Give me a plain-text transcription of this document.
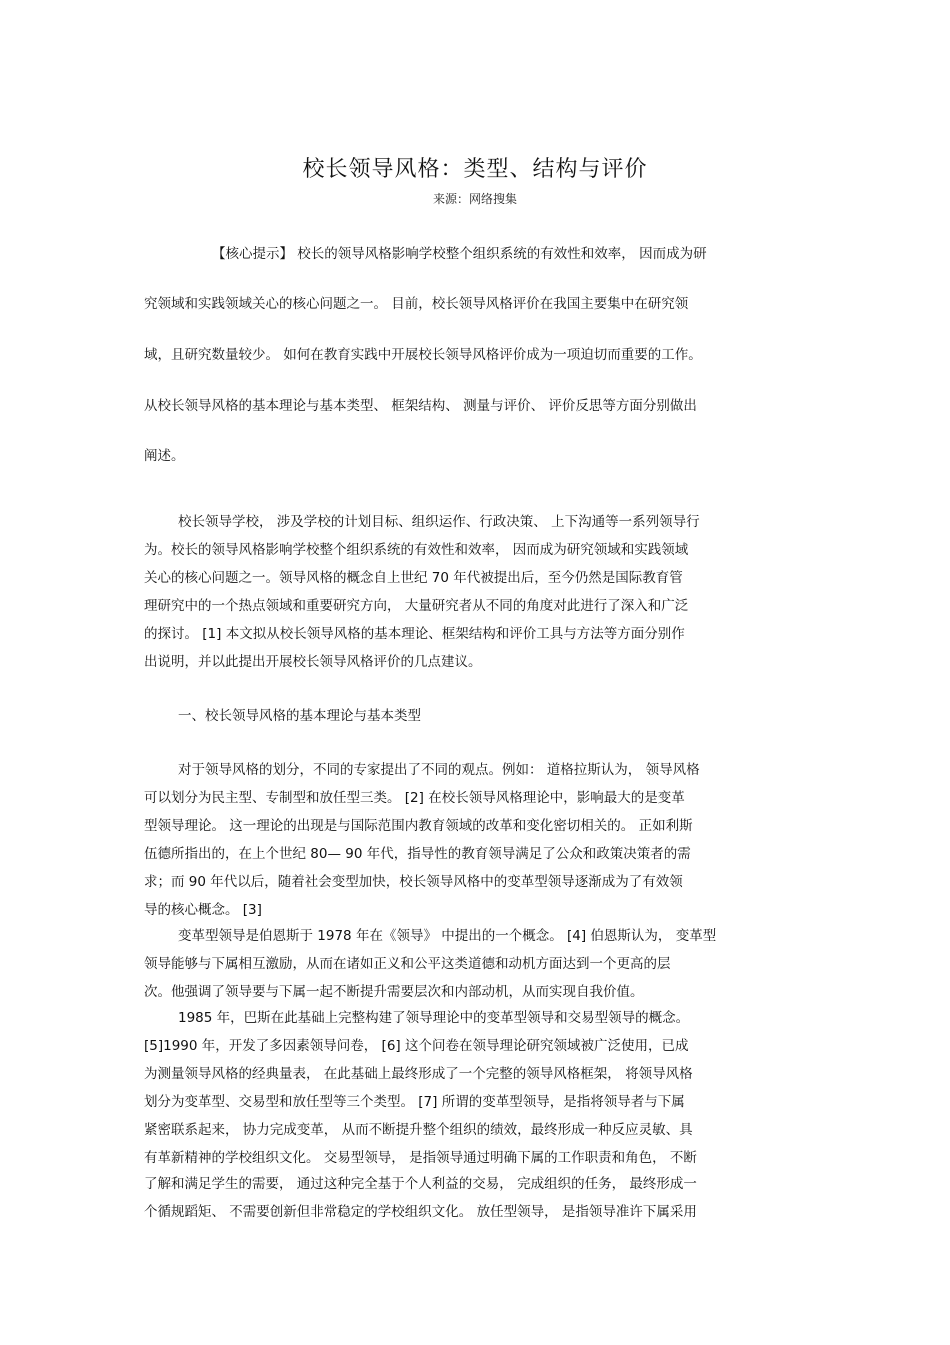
校长领导风格：类型、结构与评价
来源：网络搜集
【核心提示】 校长的领导风格影响学校整个组织系统的有效性和效率， 因而成为研
究领域和实践领域关心的核心问题之一。 目前，校长领导风格评价在我国主要集中在研究领
域，且研究数量较少。 如何在教育实践中开展校长领导风格评价成为一项迫切而重要的工作。
从校长领导风格的基本理论与基本类型、 框架结构、 测量与评价、 评价反思等方面分别做出
阐述。
校长领导学校， 涉及学校的计划目标、组织运作、行政决策、 上下沟通等一系列领导行
为。校长的领导风格影响学校整个组织系统的有效性和效率， 因而成为研究领域和实践领域
关心的核心问题之一。领导风格的概念自上世纪 70 年代被提出后，至今仍然是国际教育管
理研究中的一个热点领域和重要研究方向， 大量研究者从不同的角度对此进行了深入和广泛
的探讨。 [1] 本文拟从校长领导风格的基本理论、框架结构和评价工具与方法等方面分别作
出说明，并以此提出开展校长领导风格评价的几点建议。
一、校长领导风格的基本理论与基本类型
对于领导风格的划分，不同的专家提出了不同的观点。例如： 道格拉斯认为， 领导风格
可以划分为民主型、专制型和放任型三类。 [2] 在校长领导风格理论中，影响最大的是变革
型领导理论。 这一理论的出现是与国际范围内教育领域的改革和变化密切相关的。 正如利斯
伍德所指出的，在上个世纪 80— 90 年代，指导性的教育领导满足了公众和政策决策者的需
求；而 90 年代以后，随着社会变型加快，校长领导风格中的变革型领导逐渐成为了有效领
导的核心概念。 [3]
变革型领导是伯恩斯于 1978 年在《领导》 中提出的一个概念。 [4] 伯恩斯认为， 变革型
领导能够与下属相互激励，从而在诸如正义和公平这类道德和动机方面达到一个更高的层
次。他强调了领导要与下属一起不断提升需要层次和内部动机，从而实现自我价值。
1985 年，巴斯在此基础上完整构建了领导理论中的变革型领导和交易型领导的概念。
[5]1990 年，开发了多因素领导问卷， [6] 这个问卷在领导理论研究领域被广泛使用，已成
为测量领导风格的经典量表， 在此基础上最终形成了一个完整的领导风格框架， 将领导风格
划分为变革型、交易型和放任型等三个类型。 [7] 所谓的变革型领导，是指将领导者与下属
紧密联系起来， 协力完成变革， 从而不断提升整个组织的绩效，最终形成一种反应灵敏、具
有革新精神的学校组织文化。 交易型领导， 是指领导通过明确下属的工作职责和角色， 不断
了解和满足学生的需要， 通过这种完全基于个人利益的交易， 完成组织的任务， 最终形成一
个循规蹈矩、 不需要创新但非常稳定的学校组织文化。 放任型领导， 是指领导准许下属采用
